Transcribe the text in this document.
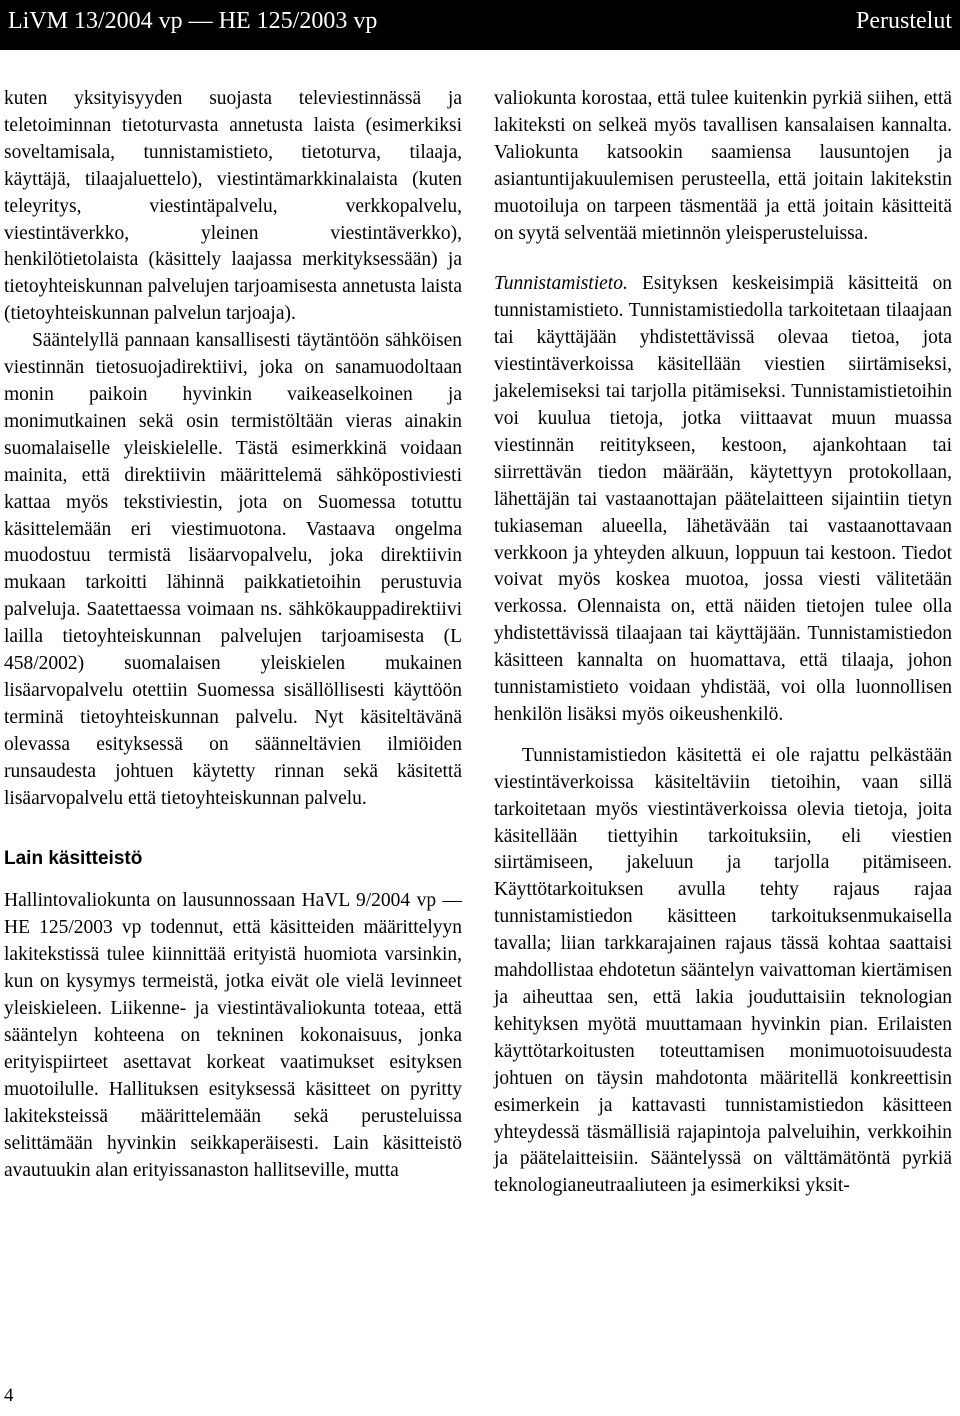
LiVM 13/2004 vp — HE 125/2003 vp	Perustelut

kuten yksityisyyden suojasta televiestinnässä ja teletoiminnan tietoturvasta annetusta laista (esimerkiksi soveltamisala, tunnistamistieto, tietoturva, tilaaja, käyttäjä, tilaajaluettelo), viestintämarkkinalaista (kuten teleyritys, viestintäpalvelu, verkkopalvelu, viestintäverkko, yleinen viestintäverkko), henkilötietolaista (käsittely laajassa merkityksessään) ja tietoyhteiskunnan palvelujen tarjoamisesta annetusta laista (tietoyhteiskunnan palvelun tarjoaja).

Sääntelyllä pannaan kansallisesti täytäntöön sähköisen viestinnän tietosuojadirektiivi, joka on sanamuodoltaan monin paikoin hyvinkin vaikeaselkoinen ja monimutkainen sekä osin termistöltään vieras ainakin suomalaiselle yleiskielelle. Tästä esimerkkinä voidaan mainita, että direktiivin määrittelemä sähköpostiviesti kattaa myös tekstiviestin, jota on Suomessa totuttu käsittelemään eri viestimuotona. Vastaava ongelma muodostuu termistä lisäarvopalvelu, joka direktiivin mukaan tarkoitti lähinnä paikkatietoihin perustuvia palveluja. Saatettaessa voimaan ns. sähkökauppadirektiivi lailla tietoyhteiskunnan palvelujen tarjoamisesta (L 458/2002) suomalaisen yleiskielen mukainen lisäarvopalvelu otettiin Suomessa sisällöllisesti käyttöön terminä tietoyhteiskunnan palvelu. Nyt käsiteltävänä olevassa esityksessä on säänneltävien ilmiöiden runsaudesta johtuen käytetty rinnan sekä käsitettä lisäarvopalvelu että tietoyhteiskunnan palvelu.

Lain käsitteistö

Hallintovaliokunta on lausunnossaan HaVL 9/2004 vp — HE 125/2003 vp todennut, että käsitteiden määrittelyyn lakitekstissä tulee kiinnittää erityistä huomiota varsinkin, kun on kysymys termeistä, jotka eivät ole vielä levinneet yleiskieleen. Liikenne- ja viestintävaliokunta toteaa, että sääntelyn kohteena on tekninen kokonaisuus, jonka erityispiirteet asettavat korkeat vaatimukset esityksen muotoilulle. Hallituksen esityksessä käsitteet on pyritty lakiteksteissä määrittelemään sekä perusteluissa selittämään hyvinkin seikkaperäisesti. Lain käsitteistö avautuukin alan erityissanaston hallitseville, mutta

valiokunta korostaa, että tulee kuitenkin pyrkiä siihen, että lakiteksti on selkeä myös tavallisen kansalaisen kannalta. Valiokunta katsookin saamiensa lausuntojen ja asiantuntijakuulemisen perusteella, että joitain lakitekstin muotoiluja on tarpeen täsmentää ja että joitain käsitteitä on syytä selventää mietinnön yleisperusteluissa.

Tunnistamistieto. Esityksen keskeisimpiä käsitteitä on tunnistamistieto. Tunnistamistiedolla tarkoitetaan tilaajaan tai käyttäjään yhdistettävissä olevaa tietoa, jota viestintäverkoissa käsitellään viestien siirtämiseksi, jakelemiseksi tai tarjolla pitämiseksi. Tunnistamistietoihin voi kuulua tietoja, jotka viittaavat muun muassa viestinnän reititykseen, kestoon, ajankohtaan tai siirrettävän tiedon määrään, käytettyyn protokollaan, lähettäjän tai vastaanottajan päätelaitteen sijaintiin tietyn tukiaseman alueella, lähetävään tai vastaanottavaan verkkoon ja yhteyden alkuun, loppuun tai kestoon. Tiedot voivat myös koskea muotoa, jossa viesti välitetään verkossa. Olennaista on, että näiden tietojen tulee olla yhdistettävissä tilaajaan tai käyttäjään. Tunnistamistiedon käsitteen kannalta on huomattava, että tilaaja, johon tunnistamistieto voidaan yhdistää, voi olla luonnollisen henkilön lisäksi myös oikeushenkilö.

Tunnistamistiedon käsitettä ei ole rajattu pelkästään viestintäverkoissa käsiteltäviin tietoihin, vaan sillä tarkoitetaan myös viestintäverkoissa olevia tietoja, joita käsitellään tiettyihin tarkoituksiin, eli viestien siirtämiseen, jakeluun ja tarjolla pitämiseen. Käyttötarkoituksen avulla tehty rajaus rajaa tunnistamistiedon käsitteen tarkoituksenmukaisella tavalla; liian tarkkarajainen rajaus tässä kohtaa saattaisi mahdollistaa ehdotetun sääntelyn vaivattoman kiertämisen ja aiheuttaa sen, että lakia jouduttaisiin teknologian kehityksen myötä muuttamaan hyvinkin pian. Erilaisten käyttötarkoitusten toteuttamisen monimuotoisuudesta johtuen on täysin mahdotonta määritellä konkreettisin esimerkein ja kattavasti tunnistamistiedon käsitteen yhteydessä täsmällisiä rajapintoja palveluihin, verkkoihin ja päätelaitteisiin. Sääntelyssä on välttämätöntä pyrkiä teknologianeutraaliuteen ja esimerkiksi yksit-

4
